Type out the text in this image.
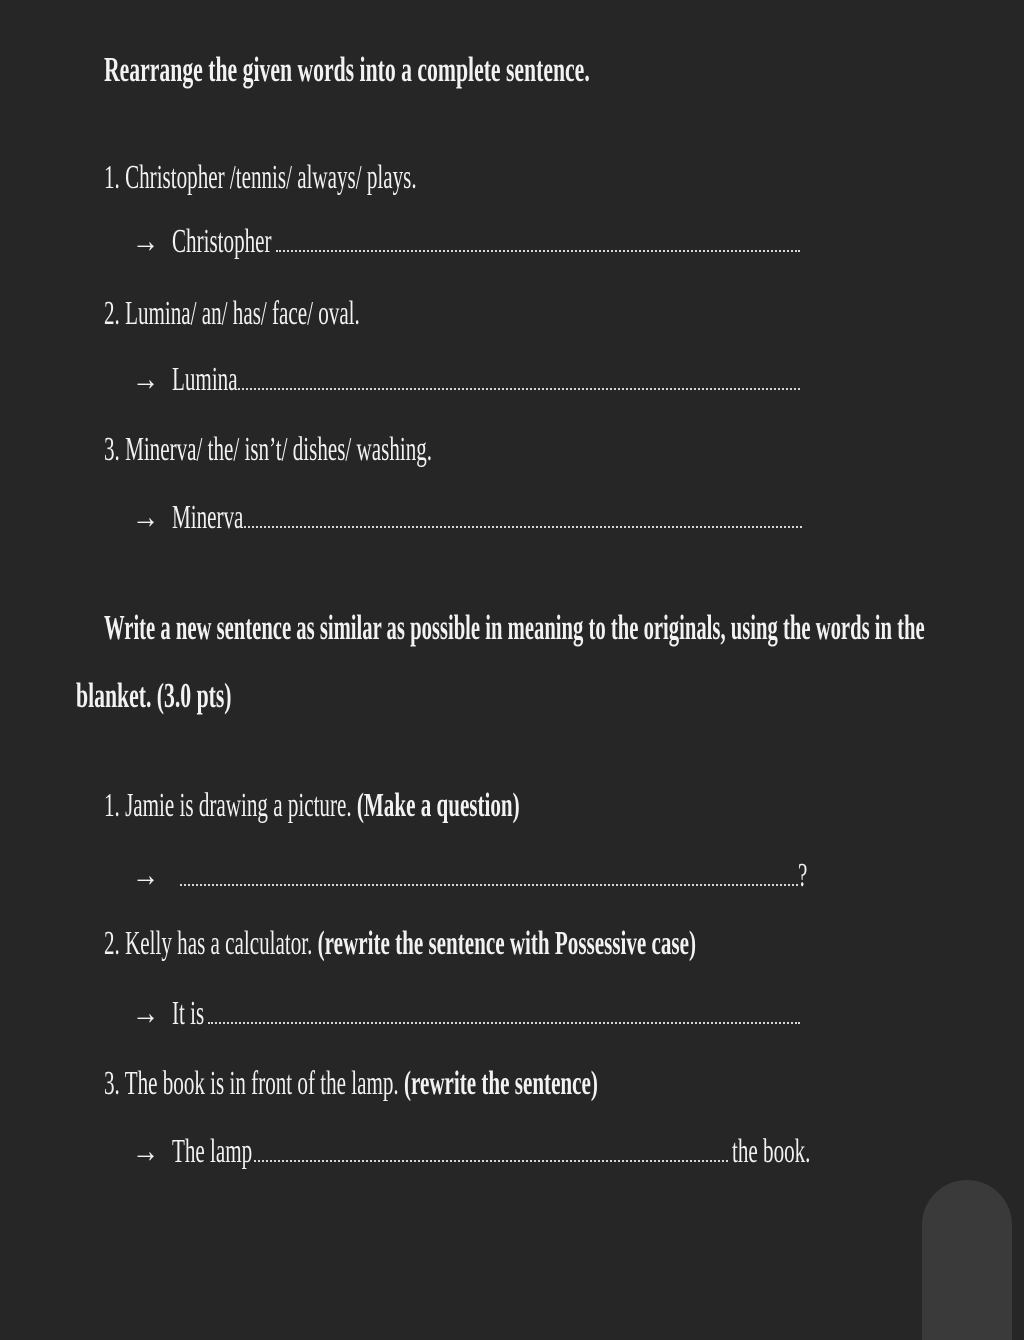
Rearrange the given words into a complete sentence.
1. Christopher /tennis/ always/ plays.
→ Christopher
2. Lumina/ an/ has/ face/ oval.
→ Lumina
3. Minerva/ the/ isn’t/ dishes/ washing.
→ Minerva
Write a new sentence as similar as possible in meaning to the originals, using the words in the
blanket. (3.0 pts)
1. Jamie is drawing a picture. (Make a question)
→	?
2. Kelly has a calculator. (rewrite the sentence with Possessive case)
→ It is
3. The book is in front of the lamp. (rewrite the sentence)
→ The lamp	the book.
